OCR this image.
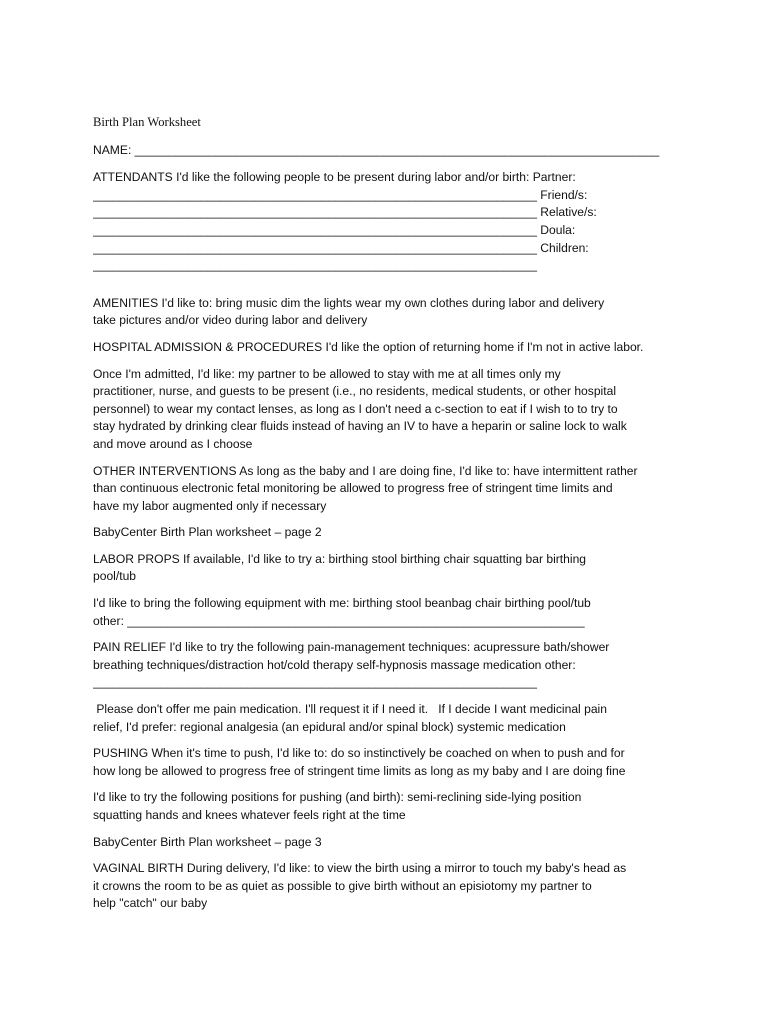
Birth Plan Worksheet

NAME: ______________________________________________________________________________

ATTENDANTS I'd like the following people to be present during labor and/or birth: Partner:
__________________________________________________________________ Friend/s:
__________________________________________________________________ Relative/s:
__________________________________________________________________ Doula:
__________________________________________________________________ Children:
__________________________________________________________________

AMENITIES I'd like to: bring music dim the lights wear my own clothes during labor and delivery
take pictures and/or video during labor and delivery

HOSPITAL ADMISSION & PROCEDURES I'd like the option of returning home if I'm not in active labor.

Once I'm admitted, I'd like: my partner to be allowed to stay with me at all times only my
practitioner, nurse, and guests to be present (i.e., no residents, medical students, or other hospital
personnel) to wear my contact lenses, as long as I don't need a c-section to eat if I wish to to try to
stay hydrated by drinking clear fluids instead of having an IV to have a heparin or saline lock to walk
and move around as I choose

OTHER INTERVENTIONS As long as the baby and I are doing fine, I'd like to: have intermittent rather
than continuous electronic fetal monitoring be allowed to progress free of stringent time limits and
have my labor augmented only if necessary

BabyCenter Birth Plan worksheet – page 2

LABOR PROPS If available, I'd like to try a: birthing stool birthing chair squatting bar birthing
pool/tub

I'd like to bring the following equipment with me: birthing stool beanbag chair birthing pool/tub
other: ____________________________________________________________________

PAIN RELIEF I'd like to try the following pain-management techniques: acupressure bath/shower
breathing techniques/distraction hot/cold therapy self-hypnosis massage medication other:
__________________________________________________________________

Please don't offer me pain medication. I'll request it if I need it.   If I decide I want medicinal pain
relief, I'd prefer: regional analgesia (an epidural and/or spinal block) systemic medication

PUSHING When it's time to push, I'd like to: do so instinctively be coached on when to push and for
how long be allowed to progress free of stringent time limits as long as my baby and I are doing fine

I'd like to try the following positions for pushing (and birth): semi-reclining side-lying position
squatting hands and knees whatever feels right at the time

BabyCenter Birth Plan worksheet – page 3

VAGINAL BIRTH During delivery, I'd like: to view the birth using a mirror to touch my baby's head as
it crowns the room to be as quiet as possible to give birth without an episiotomy my partner to
help "catch" our baby
